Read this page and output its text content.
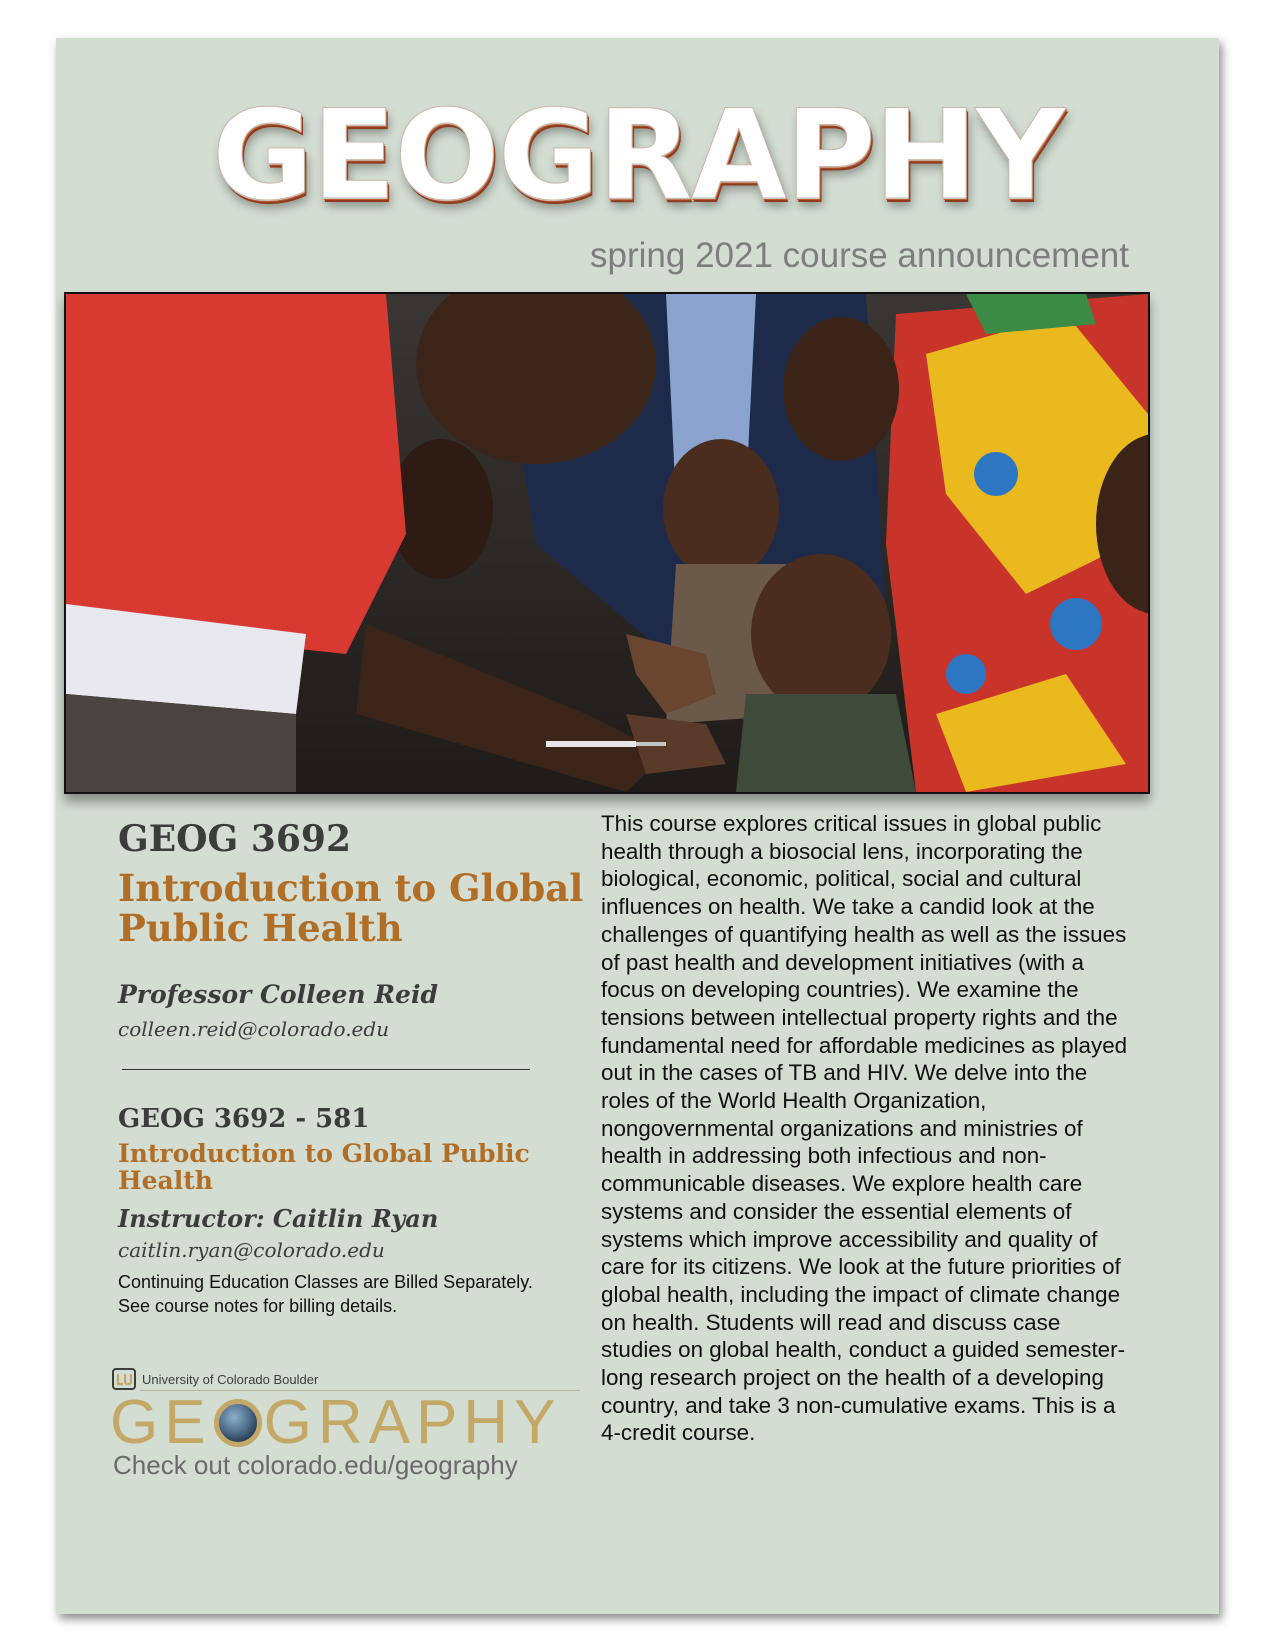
GEOGRAPHY
spring 2021 course announcement
GEOG 3692
Introduction to Global Public Health
Professor Colleen Reid
colleen.reid@colorado.edu
GEOG 3692 - 581
Introduction to Global Public Health
Instructor: Caitlin Ryan
caitlin.ryan@colorado.edu
Continuing Education Classes are Billed Separately. See course notes for billing details.
University of Colorado Boulder
GE GRAPHY
Check out colorado.edu/geography
This course explores critical issues in global public health through a biosocial lens, incorporating the biological, economic, political, social and cultural influences on health. We take a candid look at the challenges of quantifying health as well as the issues of past health and development initiatives (with a focus on developing countries). We examine the tensions between intellectual property rights and the fundamental need for affordable medicines as played out in the cases of TB and HIV. We delve into the roles of the World Health Organization, nongovernmental organizations and ministries of health in addressing both infectious and non-communicable diseases. We explore health care systems and consider the essential elements of systems which improve accessibility and quality of care for its citizens. We look at the future priorities of global health, including the impact of climate change on health. Students will read and discuss case studies on global health, conduct a guided semester-long research project on the health of a developing country, and take 3 non-cumulative exams. This is a 4-credit course.
